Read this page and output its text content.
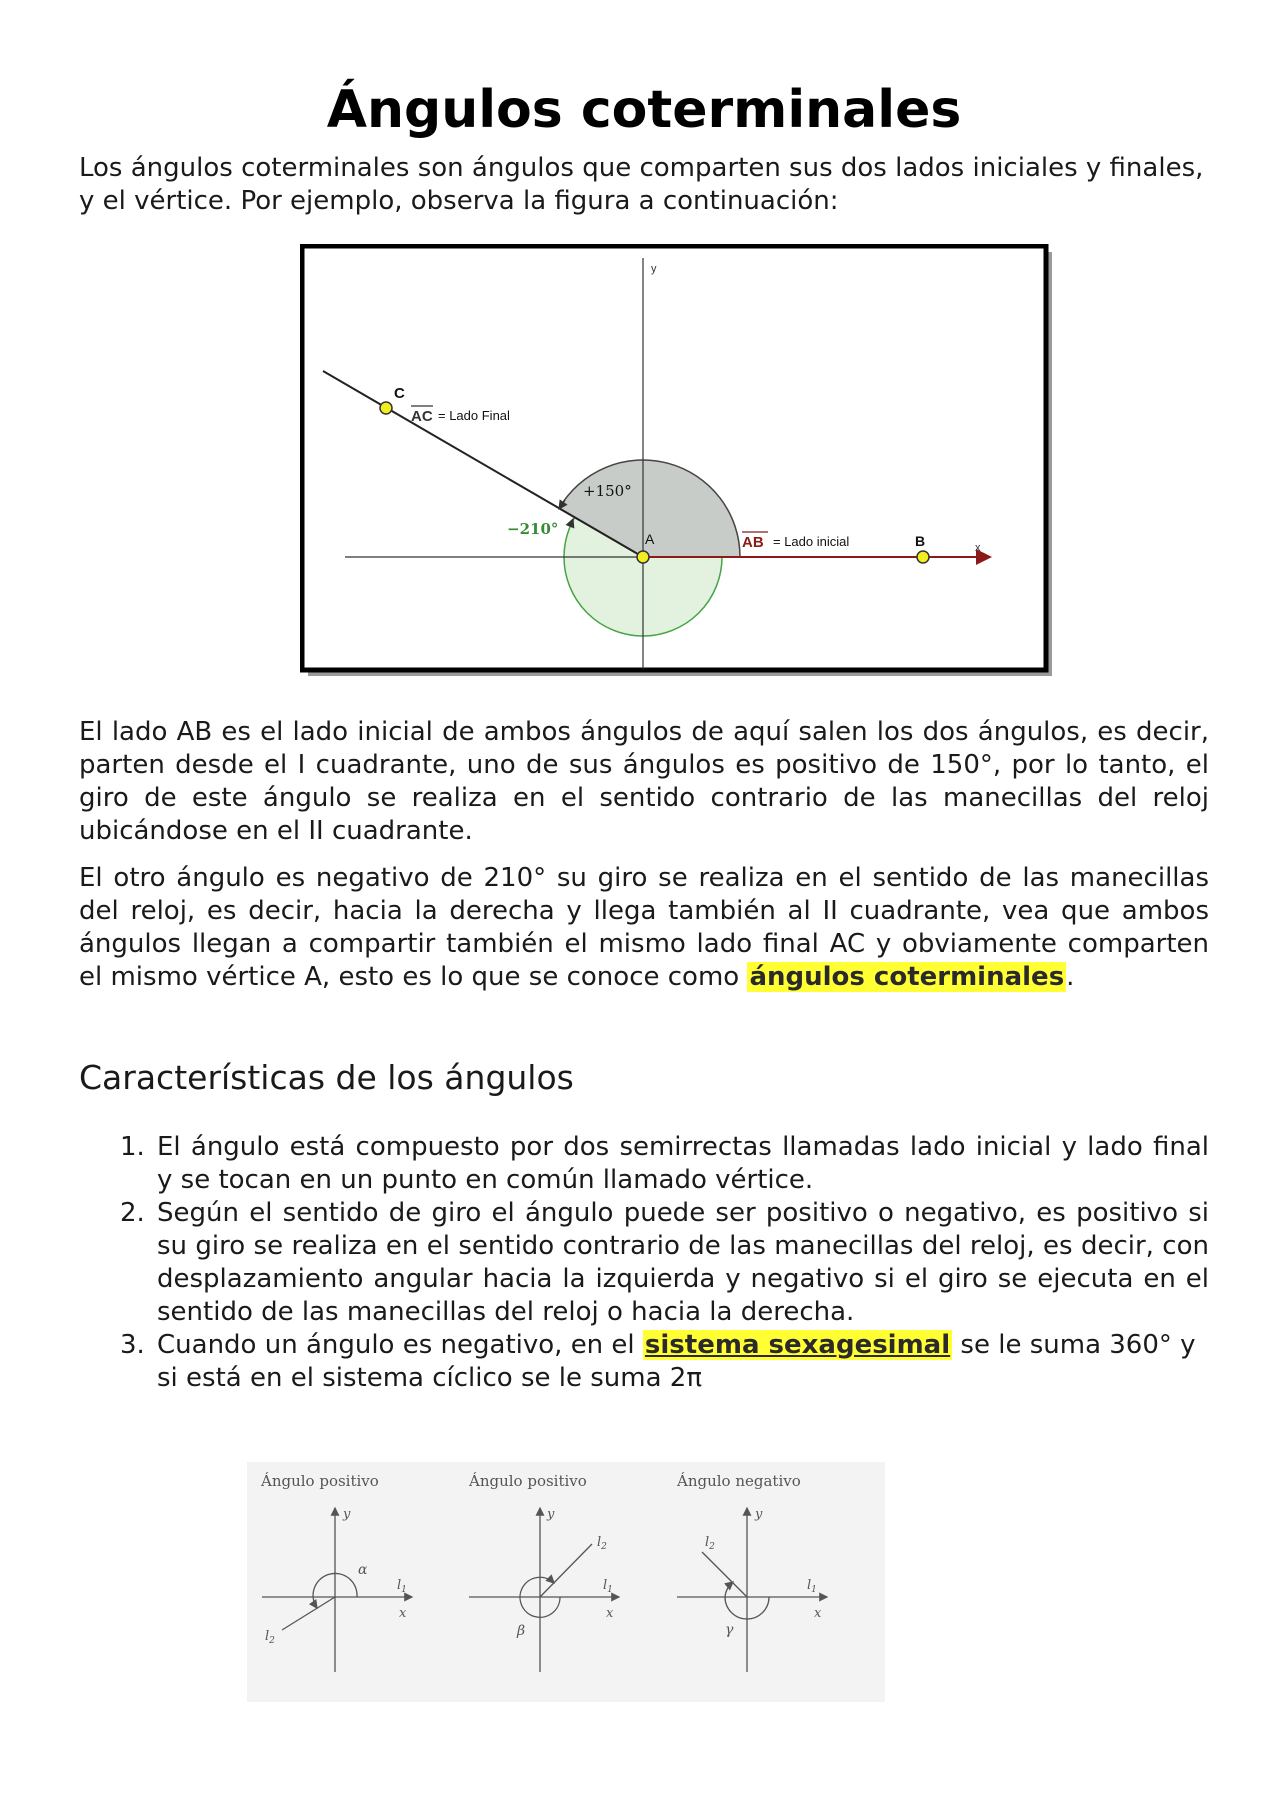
Ángulos coterminales

Los ángulos coterminales son ángulos que comparten sus dos lados iniciales y finales, y el vértice. Por ejemplo, observa la figura a continuación:

y
x
C
A	B
AC = Lado Final
AB = Lado inicial
+150°
−210°

El lado AB es el lado inicial de ambos ángulos de aquí salen los dos ángulos, es decir, parten desde el I cuadrante, uno de sus ángulos es positivo de 150°, por lo tanto, el giro de este ángulo se realiza en el sentido contrario de las manecillas del reloj ubicándose en el II cuadrante.

El otro ángulo es negativo de 210° su giro se realiza en el sentido de las manecillas del reloj, es decir, hacia la derecha y llega también al II cuadrante, vea que ambos ángulos llegan a compartir también el mismo lado final AC y obviamente comparten el mismo vértice A, esto es lo que se conoce como ángulos coterminales.

Características de los ángulos
1. El ángulo está compuesto por dos semirrectas llamadas lado inicial y lado final y se tocan en un punto en común llamado vértice.
2. Según el sentido de giro el ángulo puede ser positivo o negativo, es positivo si su giro se realiza en el sentido contrario de las manecillas del reloj, es decir, con desplazamiento angular hacia la izquierda y negativo si el giro se ejecuta en el sentido de las manecillas del reloj o hacia la derecha.
3. Cuando un ángulo es negativo, en el sistema sexagesimal se le suma 360° y si está en el sistema cíclico se le suma 2π
Ángulo positivo
y
x
α
$l_1$
$l_2$
Ángulo positivo
y
x
β
$l_1$
$l_2$
Ángulo negativo
y
x
γ
$l_1$
$l_2$
